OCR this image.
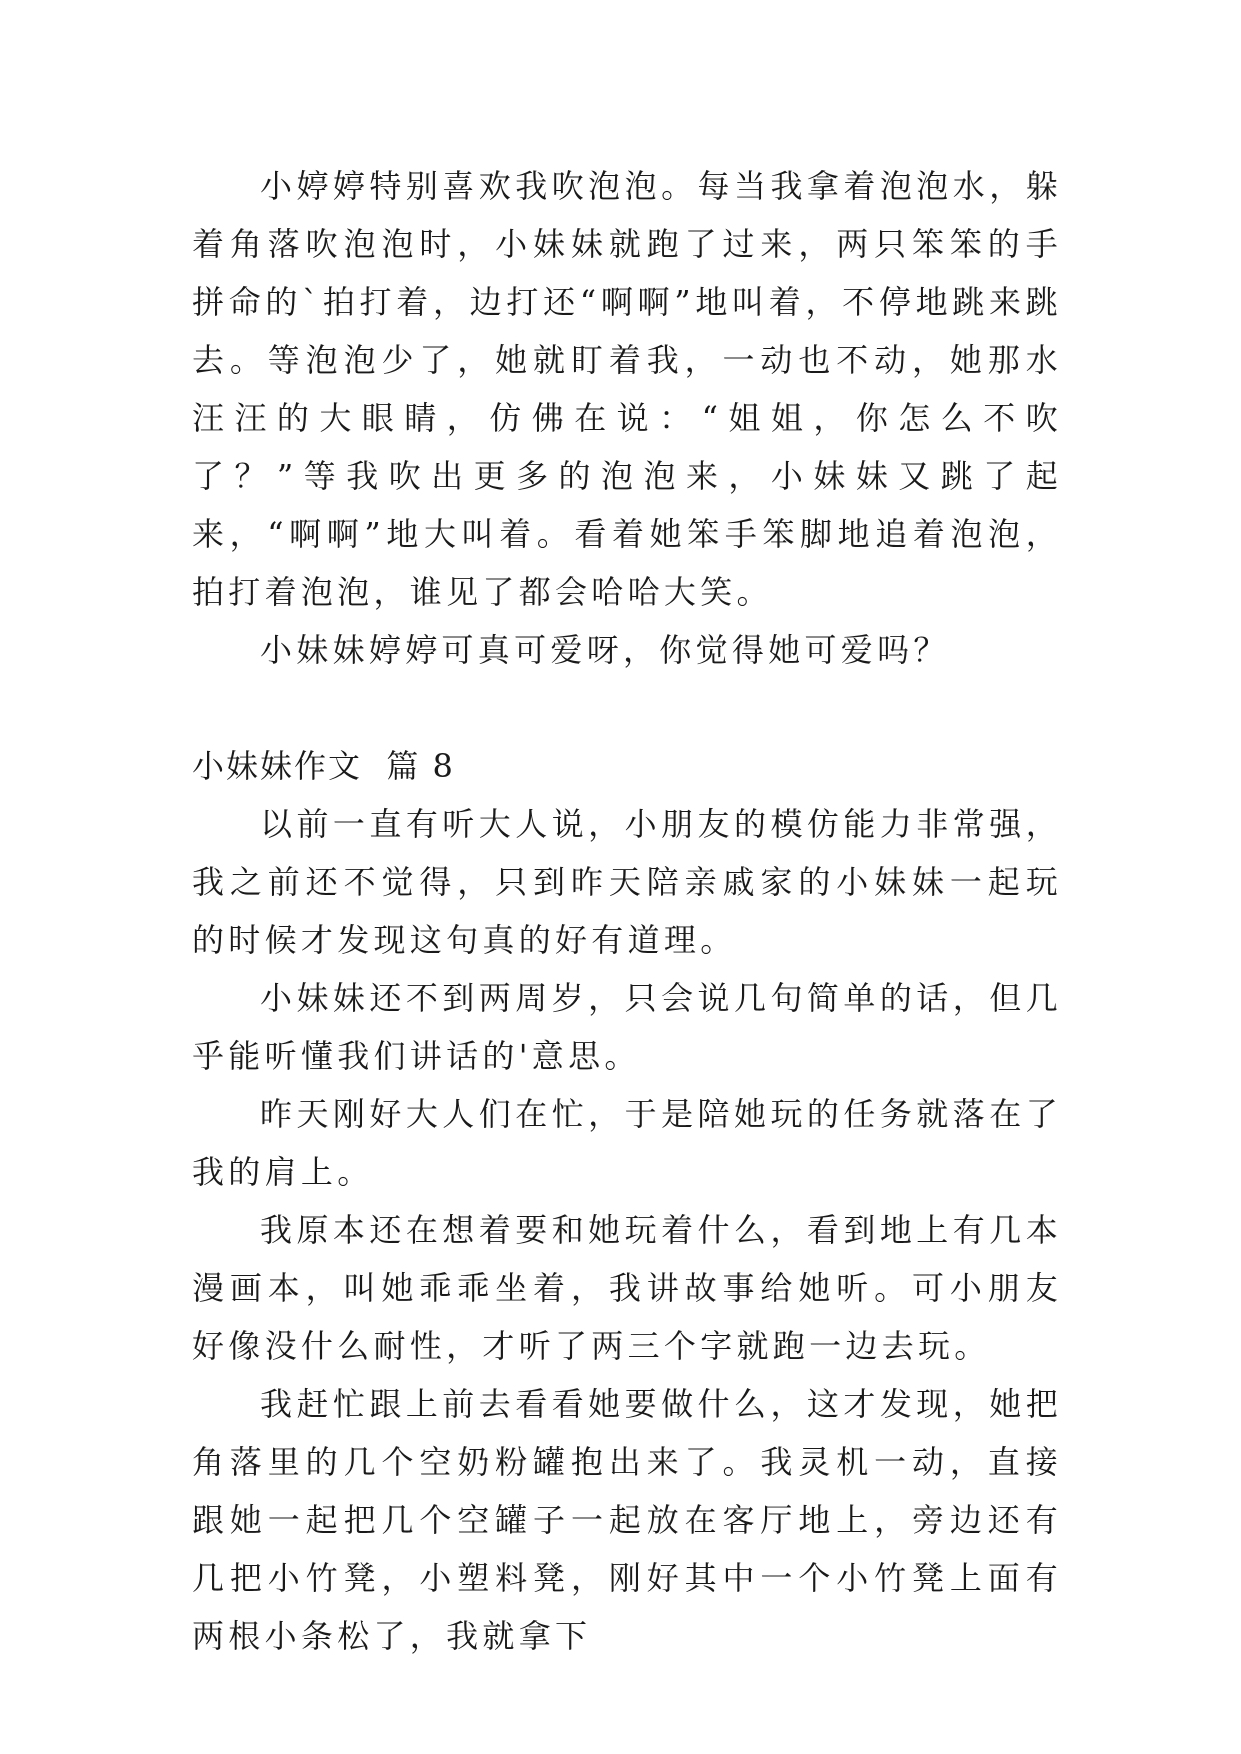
小婷婷特别喜欢我吹泡泡。每当我拿着泡泡水，躲着角落吹泡泡时，小妹妹就跑了过来，两只笨笨的手拼命的`拍打着，边打还“啊啊”地叫着，不停地跳来跳去。等泡泡少了，她就盯着我，一动也不动，她那水汪汪的大眼睛，仿佛在说：“姐姐，你怎么不吹了？”等我吹出更多的泡泡来，小妹妹又跳了起来，“啊啊”地大叫着。看着她笨手笨脚地追着泡泡，拍打着泡泡，谁见了都会哈哈大笑。

小妹妹婷婷可真可爱呀，你觉得她可爱吗？

小妹妹作文  篇 8

以前一直有听大人说，小朋友的模仿能力非常强，我之前还不觉得，只到昨天陪亲戚家的小妹妹一起玩的时候才发现这句真的好有道理。

小妹妹还不到两周岁，只会说几句简单的话，但几乎能听懂我们讲话的'意思。

昨天刚好大人们在忙，于是陪她玩的任务就落在了我的肩上。

我原本还在想着要和她玩着什么，看到地上有几本漫画本，叫她乖乖坐着，我讲故事给她听。可小朋友好像没什么耐性，才听了两三个字就跑一边去玩。

我赶忙跟上前去看看她要做什么，这才发现，她把角落里的几个空奶粉罐抱出来了。我灵机一动，直接跟她一起把几个空罐子一起放在客厅地上，旁边还有几把小竹凳，小塑料凳，刚好其中一个小竹凳上面有两根小条松了，我就拿下
